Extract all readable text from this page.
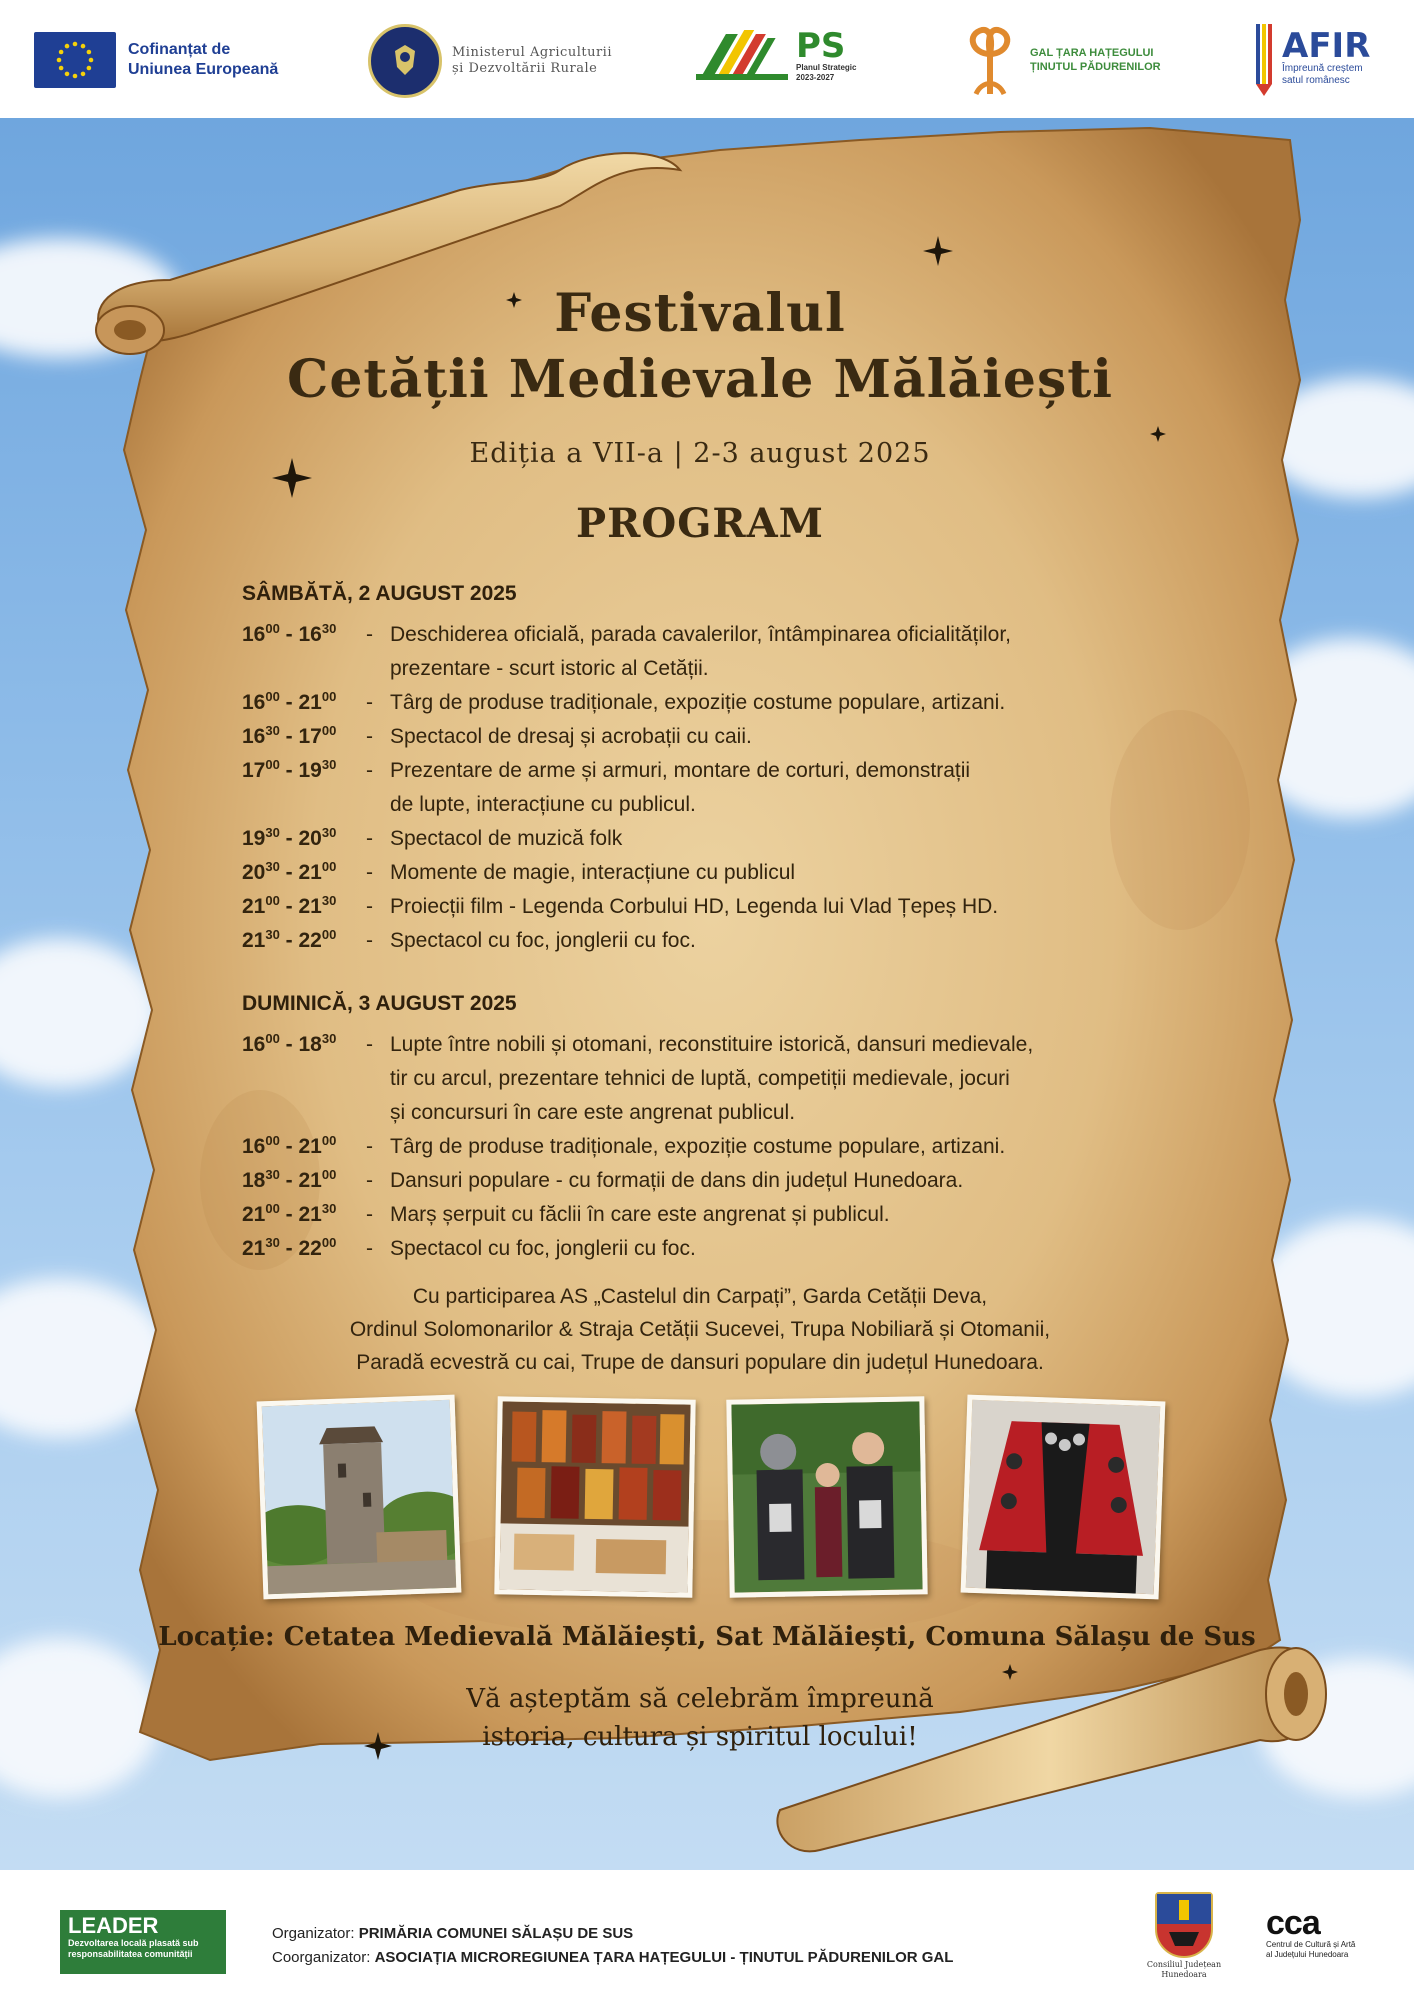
Cofinanțat de
Uniunea Europeană
Ministerul Agriculturii
și Dezvoltării Rurale
PS
Planul Strategic
2023-2027
GAL ȚARA HAȚEGULUI
ȚINUTUL PĂDURENILOR
AFIR
Împreună creștem
satul românesc
Festivalul
Cetății Medievale Mălăiești
Ediția a VII-a | 2-3 august 2025
PROGRAM
SÂMBĂTĂ, 2 AUGUST 2025
$16^{00} - 16^{30}$	- Deschiderea oficială, parada cavalerilor, întâmpinarea oficialităților,
prezentare - scurt istoric al Cetății.
$16^{00} - 21^{00}$	- Târg de produse tradiționale, expoziție costume populare, artizani.
$16^{30} - 17^{00}$	- Spectacol de dresaj și acrobații cu caii.
$17^{00} - 19^{30}$	- Prezentare de arme și armuri, montare de corturi, demonstrații
de lupte, interacțiune cu publicul.
$19^{30} - 20^{30}$	- Spectacol de muzică folk
$20^{30} - 21^{00}$	- Momente de magie, interacțiune cu publicul
$21^{00} - 21^{30}$	- Proiecții film - Legenda Corbului HD, Legenda lui Vlad Țepeș HD.
$21^{30} - 22^{00}$	- Spectacol cu foc, jonglerii cu foc.
DUMINICĂ, 3 AUGUST 2025
$16^{00} - 18^{30}$	- Lupte între nobili și otomani, reconstituire istorică, dansuri medievale,
tir cu arcul, prezentare tehnici de luptă, competiții medievale, jocuri
și concursuri în care este angrenat publicul.
$16^{00} - 21^{00}$	- Târg de produse tradiționale, expoziție costume populare, artizani.
$18^{30} - 21^{00}$	- Dansuri populare - cu formații de dans din județul Hunedoara.
$21^{00} - 21^{30}$	- Marș șerpuit cu făclii în care este angrenat și publicul.
$21^{30} - 22^{00}$	- Spectacol cu foc, jonglerii cu foc.
Cu participarea AS „Castelul din Carpați”, Garda Cetății Deva,
Ordinul Solomonarilor & Straja Cetății Sucevei, Trupa Nobiliară și Otomanii,
Paradă ecvestră cu cai, Trupe de dansuri populare din județul Hunedoara.
Locație: Cetatea Medievală Mălăiești, Sat Mălăiești, Comuna Sălașu de Sus
Vă așteptăm să celebrăm împreună
istoria, cultura și spiritul locului!
LEADER
Dezvoltarea locală plasată sub
responsabilitatea comunității
Organizator: PRIMĂRIA COMUNEI SĂLAȘU DE SUS
Coorganizator: ASOCIAȚIA MICROREGIUNEA ȚARA HAȚEGULUI - ȚINUTUL PĂDURENILOR GAL	Consiliul Județean
Hunedoara
cca
Centrul de Cultură și Artă
al Județului Hunedoara
